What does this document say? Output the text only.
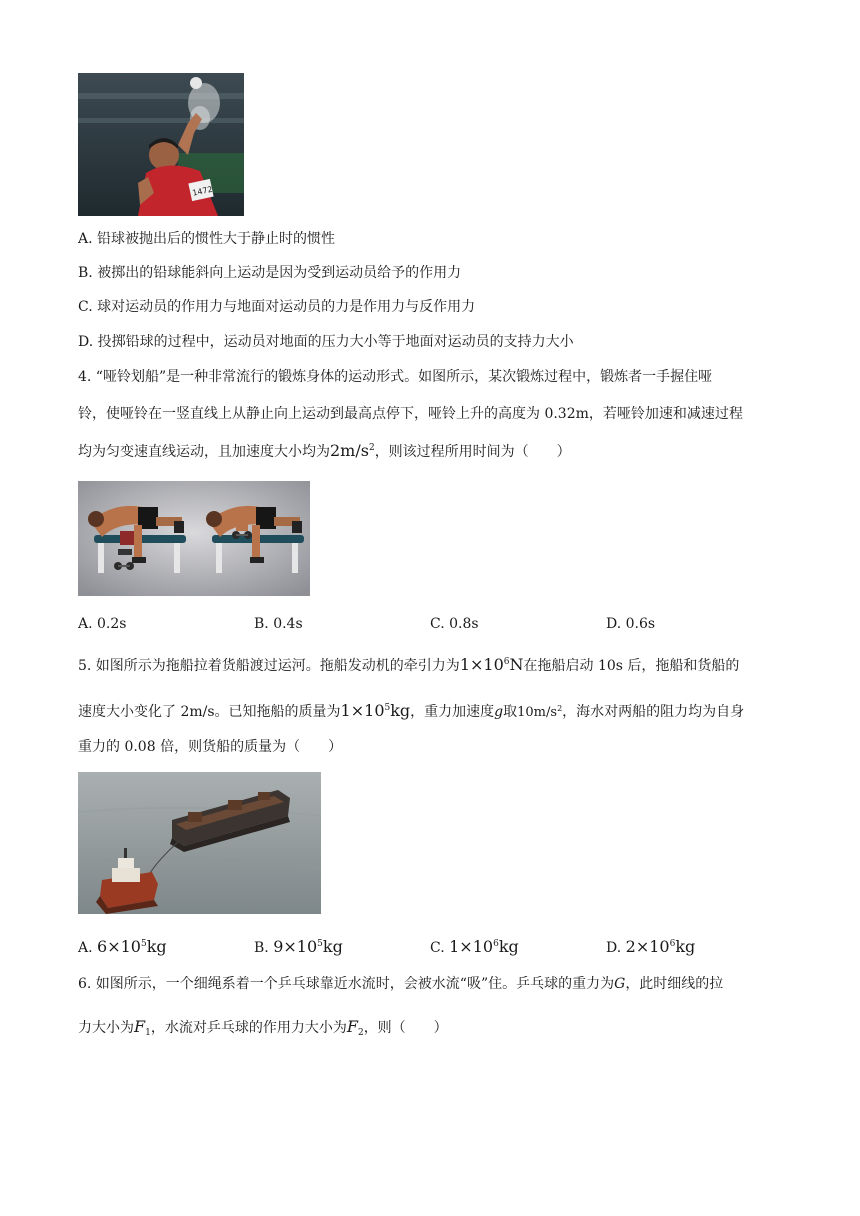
1472
A. 铅球被抛出后的惯性大于静止时的惯性
B. 被掷出的铅球能斜向上运动是因为受到运动员给予的作用力
C. 球对运动员的作用力与地面对运动员的力是作用力与反作用力
D. 投掷铅球的过程中，运动员对地面的压力大小等于地面对运动员的支持力大小
4. “哑铃划船”是一种非常流行的锻炼身体的运动形式。如图所示，某次锻炼过程中，锻炼者一手握住哑
铃，使哑铃在一竖直线上从静止向上运动到最高点停下，哑铃上升的高度为 0.32m，若哑铃加速和减速过程
均为匀变速直线运动，且加速度大小均为$2m/s^2$，则该过程所用时间为（　　）
A. 0.2s	B. 0.4s	C. 0.8s	D. 0.6s
5. 如图所示为拖船拉着货船渡过运河。拖船发动机的牵引力为$1\times 10^6N$在拖船启动 10s 后，拖船和货船的
速度大小变化了 2m/s。已知拖船的质量为$1\times 10^5kg$，重力加速度g取$10m/s^2$，海水对两船的阻力均为自身
重力的 0.08 倍，则货船的质量为（　　）
A. $6\times 10^5kg$	B. $9\times 10^5kg$	C. $1\times 10^6kg$	D. $2\times 10^6kg$
6. 如图所示，一个细绳系着一个乒乓球靠近水流时，会被水流“吸”住。乒乓球的重力为G，此时细线的拉
力大小为$F_1$，水流对乒乓球的作用力大小为$F_2$，则（　　）
